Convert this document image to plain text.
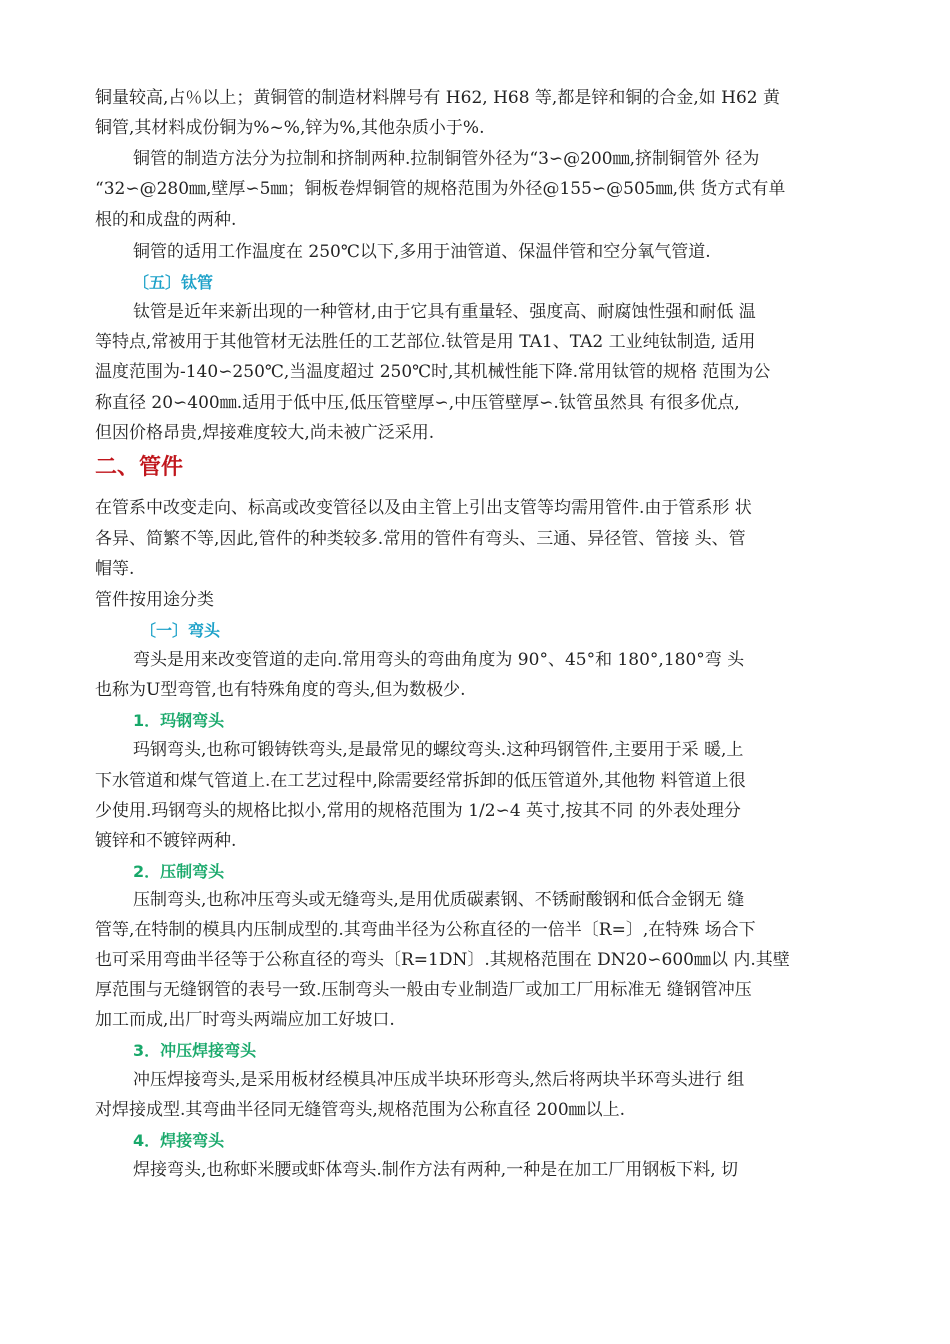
铜量较高,占％以上；黄铜管的制造材料牌号有 H62, H68 等,都是锌和铜的合金,如 H62 黄
铜管,其材料成份铜为%~%,锌为%,其他杂质小于%.
铜管的制造方法分为拉制和挤制两种.拉制铜管外径为“3∽@200㎜,挤制铜管外 径为
“32∽@280㎜,壁厚∽5㎜；铜板卷焊铜管的规格范围为外径@155∽@505㎜,供 货方式有单
根的和成盘的两种.
铜管的适用工作温度在 250℃以下,多用于油管道、保温伴管和空分氧气管道.
〔五〕钛管
钛管是近年来新出现的一种管材,由于它具有重量轻、强度高、耐腐蚀性强和耐低 温
等特点,常被用于其他管材无法胜任的工艺部位.钛管是用 TA1、TA2 工业纯钛制造, 适用
温度范围为-140∽250℃,当温度超过 250℃时,其机械性能下降.常用钛管的规格 范围为公
称直径 20∽400㎜.适用于低中压,低压管壁厚∽,中压管壁厚∽.钛管虽然具 有很多优点,
但因价格昂贵,焊接难度较大,尚未被广泛采用.
二、管件
在管系中改变走向、标高或改变管径以及由主管上引出支管等均需用管件.由于管系形 状
各异、简繁不等,因此,管件的种类较多.常用的管件有弯头、三通、异径管、管接 头、管
帽等.
管件按用途分类
〔一〕弯头
弯头是用来改变管道的走向.常用弯头的弯曲角度为 90°、45°和 180°,180°弯 头
也称为U型弯管,也有特殊角度的弯头,但为数极少.
1．玛钢弯头
玛钢弯头,也称可锻铸铁弯头,是最常见的螺纹弯头.这种玛钢管件,主要用于采 暖,上
下水管道和煤气管道上.在工艺过程中,除需要经常拆卸的低压管道外,其他物 料管道上很
少使用.玛钢弯头的规格比拟小,常用的规格范围为 1/2∽4 英寸,按其不同 的外表处理分
镀锌和不镀锌两种.
2．压制弯头
压制弯头,也称冲压弯头或无缝弯头,是用优质碳素钢、不锈耐酸钢和低合金钢无 缝
管等,在特制的模具内压制成型的.其弯曲半径为公称直径的一倍半〔R=〕,在特殊 场合下
也可采用弯曲半径等于公称直径的弯头〔R=1DN〕.其规格范围在 DN20∽600㎜以 内.其壁
厚范围与无缝钢管的表号一致.压制弯头一般由专业制造厂或加工厂用标准无 缝钢管冲压
加工而成,出厂时弯头两端应加工好坡口.
3．冲压焊接弯头
冲压焊接弯头,是采用板材经模具冲压成半块环形弯头,然后将两块半环弯头进行 组
对焊接成型.其弯曲半径同无缝管弯头,规格范围为公称直径 200㎜以上.
4．焊接弯头
焊接弯头,也称虾米腰或虾体弯头.制作方法有两种,一种是在加工厂用钢板下料, 切
